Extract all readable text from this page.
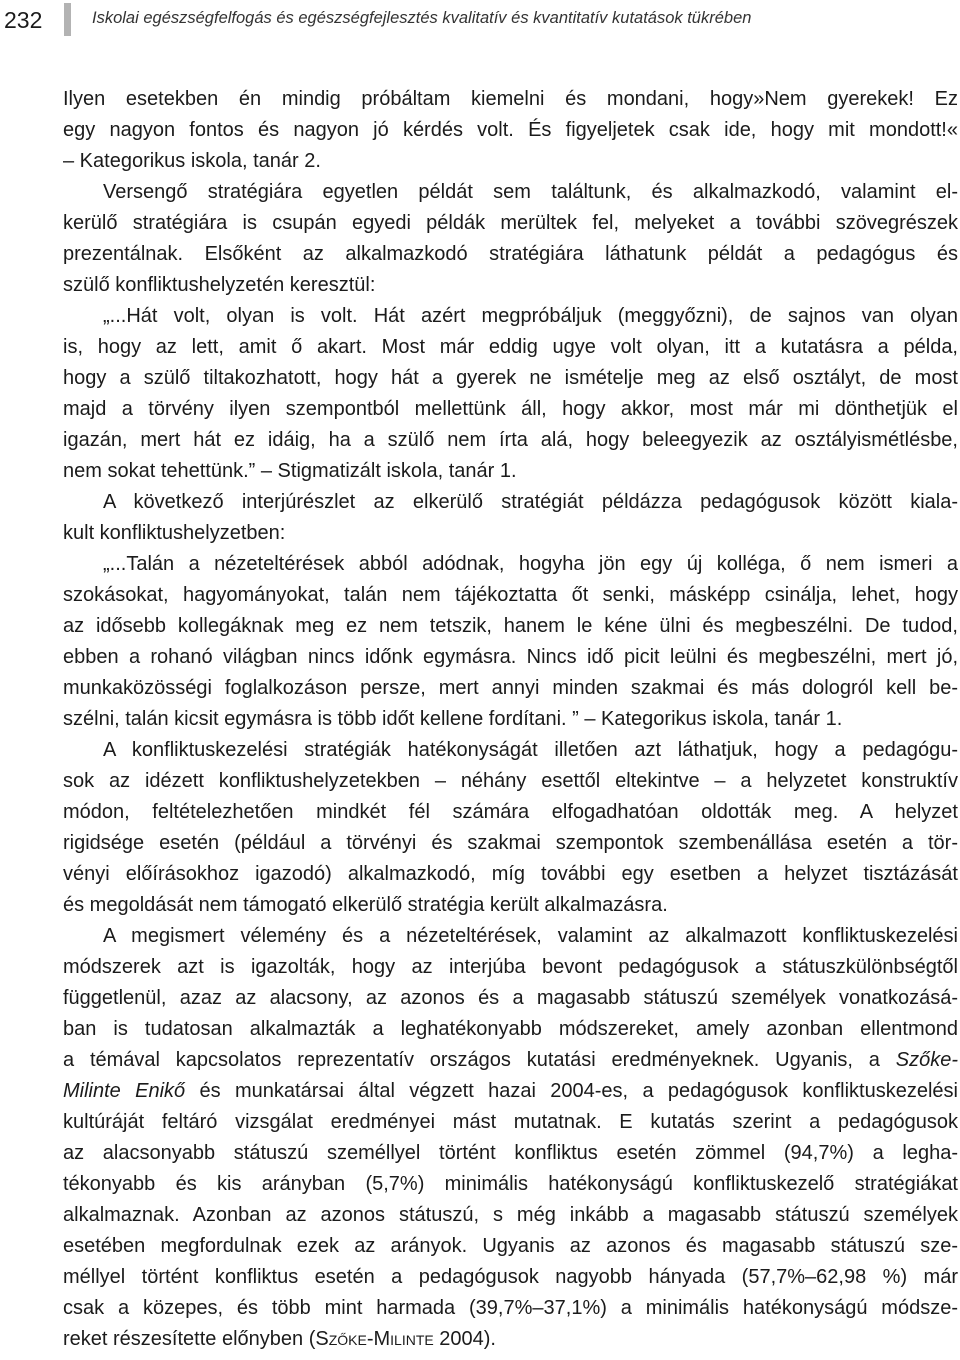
232	Iskolai egészségfelfogás és egészségfejlesztés kvalitatív és kvantitatív kutatások tükrében
Ilyen esetekben én mindig próbáltam kiemelni és mondani, hogy»Nem gyerekek! Ez
egy nagyon fontos és nagyon jó kérdés volt. És figyeljetek csak ide, hogy mit mondott!«
– Kategorikus iskola, tanár 2.
Versengő stratégiára egyetlen példát sem találtunk, és alkalmazkodó, valamint el-
kerülő stratégiára is csupán egyedi példák merültek fel, melyeket a további szövegrészek
prezentálnak. Elsőként az alkalmazkodó stratégiára láthatunk példát a pedagógus és
szülő konfliktushelyzetén keresztül:
„...Hát volt, olyan is volt. Hát azért megpróbáljuk (meggyőzni), de sajnos van olyan
is, hogy az lett, amit ő akart. Most már eddig ugye volt olyan, itt a kutatásra a példa,
hogy a szülő tiltakozhatott, hogy hát a gyerek ne ismételje meg az első osztályt, de most
majd a törvény ilyen szempontból mellettünk áll, hogy akkor, most már mi dönthetjük el
igazán, mert hát ez idáig, ha a szülő nem írta alá, hogy beleegyezik az osztályismétlésbe,
nem sokat tehettünk.” – Stigmatizált iskola, tanár 1.
A következő interjúrészlet az elkerülő stratégiát példázza pedagógusok között kiala-
kult konfliktushelyzetben:
„...Talán a nézeteltérések abból adódnak, hogyha jön egy új kolléga, ő nem ismeri a
szokásokat, hagyományokat, talán nem tájékoztatta őt senki, másképp csinálja, lehet, hogy
az idősebb kollegáknak meg ez nem tetszik, hanem le kéne ülni és megbeszélni. De tudod,
ebben a rohanó világban nincs időnk egymásra. Nincs idő picit leülni és megbeszélni, mert jó,
munkaközösségi foglalkozáson persze, mert annyi minden szakmai és más dologról kell be-
szélni, talán kicsit egymásra is több időt kellene fordítani. ” – Kategorikus iskola, tanár 1.
A konfliktuskezelési stratégiák hatékonyságát illetően azt láthatjuk, hogy a pedagógu-
sok az idézett konfliktushelyzetekben – néhány esettől eltekintve – a helyzetet konstruktív
módon, feltételezhetően mindkét fél számára elfogadhatóan oldották meg. A helyzet
rigidsége esetén (például a törvényi és szakmai szempontok szembenállása esetén a tör-
vényi előírásokhoz igazodó) alkalmazkodó, míg további egy esetben a helyzet tisztázását
és megoldását nem támogató elkerülő stratégia került alkalmazásra.
A megismert vélemény és a nézeteltérések, valamint az alkalmazott konfliktuskezelési
módszerek azt is igazolták, hogy az interjúba bevont pedagógusok a státuszkülönbségtől
függetlenül, azaz az alacsony, az azonos és a magasabb státuszú személyek vonatkozásá-
ban is tudatosan alkalmazták a leghatékonyabb módszereket, amely azonban ellentmond
a témával kapcsolatos reprezentatív országos kutatási eredményeknek. Ugyanis, a Szőke-
Milinte Enikő és munkatársai által végzett hazai 2004-es, a pedagógusok konfliktuskezelési
kultúráját feltáró vizsgálat eredményei mást mutatnak. E kutatás szerint a pedagógusok
az alacsonyabb státuszú személlyel történt konfliktus esetén zömmel (94,7%) a legha-
tékonyabb és kis arányban (5,7%) minimális hatékonyságú konfliktuskezelő stratégiákat
alkalmaznak. Azonban az azonos státuszú, s még inkább a magasabb státuszú személyek
esetében megfordulnak ezek az arányok. Ugyanis az azonos és magasabb státuszú sze-
méllyel történt konfliktus esetén a pedagógusok nagyobb hányada (57,7%–62,98 %) már
csak a közepes, és több mint harmada (39,7%–37,1%) a minimális hatékonyságú módsze-
reket részesítette előnyben (Szőke-Milinte 2004).
